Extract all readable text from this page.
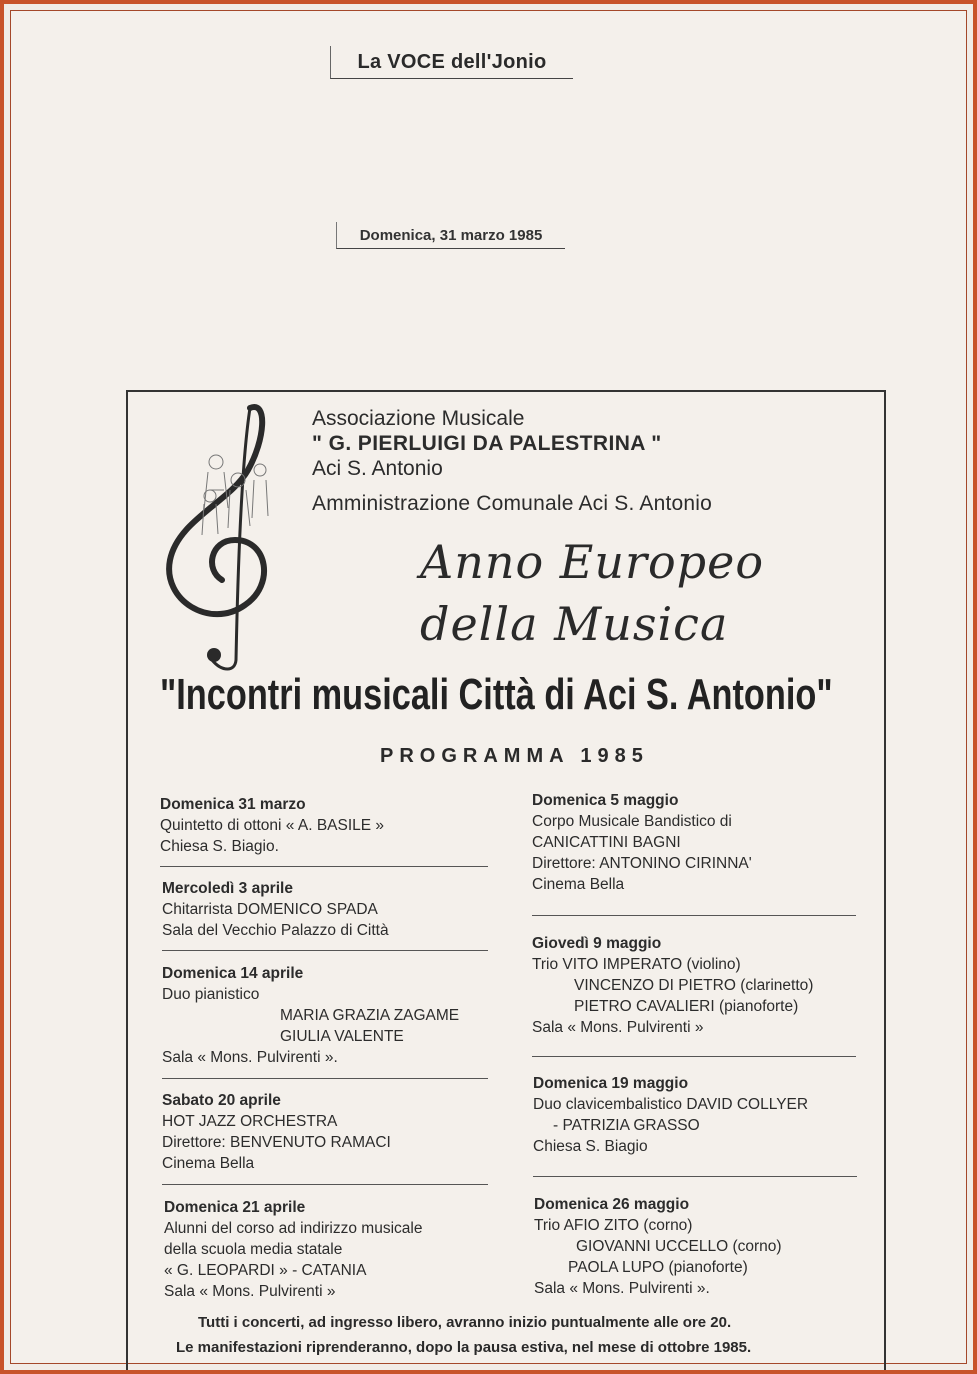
La VOCE dell'Jonio
Domenica, 31 marzo 1985
Associazione Musicale
" G. PIERLUIGI DA PALESTRINA "
Aci S. Antonio
Amministrazione Comunale Aci S. Antonio
Anno Europeo
della Musica
"Incontri musicali Città di Aci S. Antonio"
PROGRAMMA 1985
Domenica 31 marzo
Quintetto di ottoni « A. BASILE »
Chiesa S. Biagio.
Mercoledì 3 aprile
Chitarrista DOMENICO SPADA
Sala del Vecchio Palazzo di Città
Domenica 14 aprile
Duo pianistico
MARIA GRAZIA ZAGAME
GIULIA VALENTE
Sala « Mons. Pulvirenti ».
Sabato 20 aprile
HOT JAZZ ORCHESTRA
Direttore: BENVENUTO RAMACI
Cinema Bella
Domenica 21 aprile
Alunni del corso ad indirizzo musicale
della scuola media statale
« G. LEOPARDI » - CATANIA
Sala « Mons. Pulvirenti »
Domenica 5 maggio
Corpo Musicale Bandistico di
CANICATTINI BAGNI
Direttore: ANTONINO CIRINNA'
Cinema Bella
Giovedì 9 maggio
Trio VITO IMPERATO (violino)
VINCENZO DI PIETRO (clarinetto)
PIETRO CAVALIERI (pianoforte)
Sala « Mons. Pulvirenti »
Domenica 19 maggio
Duo clavicembalistico DAVID COLLYER
- PATRIZIA GRASSO
Chiesa S. Biagio
Domenica 26 maggio
Trio AFIO ZITO (corno)
GIOVANNI UCCELLO (corno)
PAOLA LUPO (pianoforte)
Sala « Mons. Pulvirenti ».
Tutti i concerti, ad ingresso libero, avranno inizio puntualmente alle ore 20.
Le manifestazioni riprenderanno, dopo la pausa estiva, nel mese di ottobre 1985.
